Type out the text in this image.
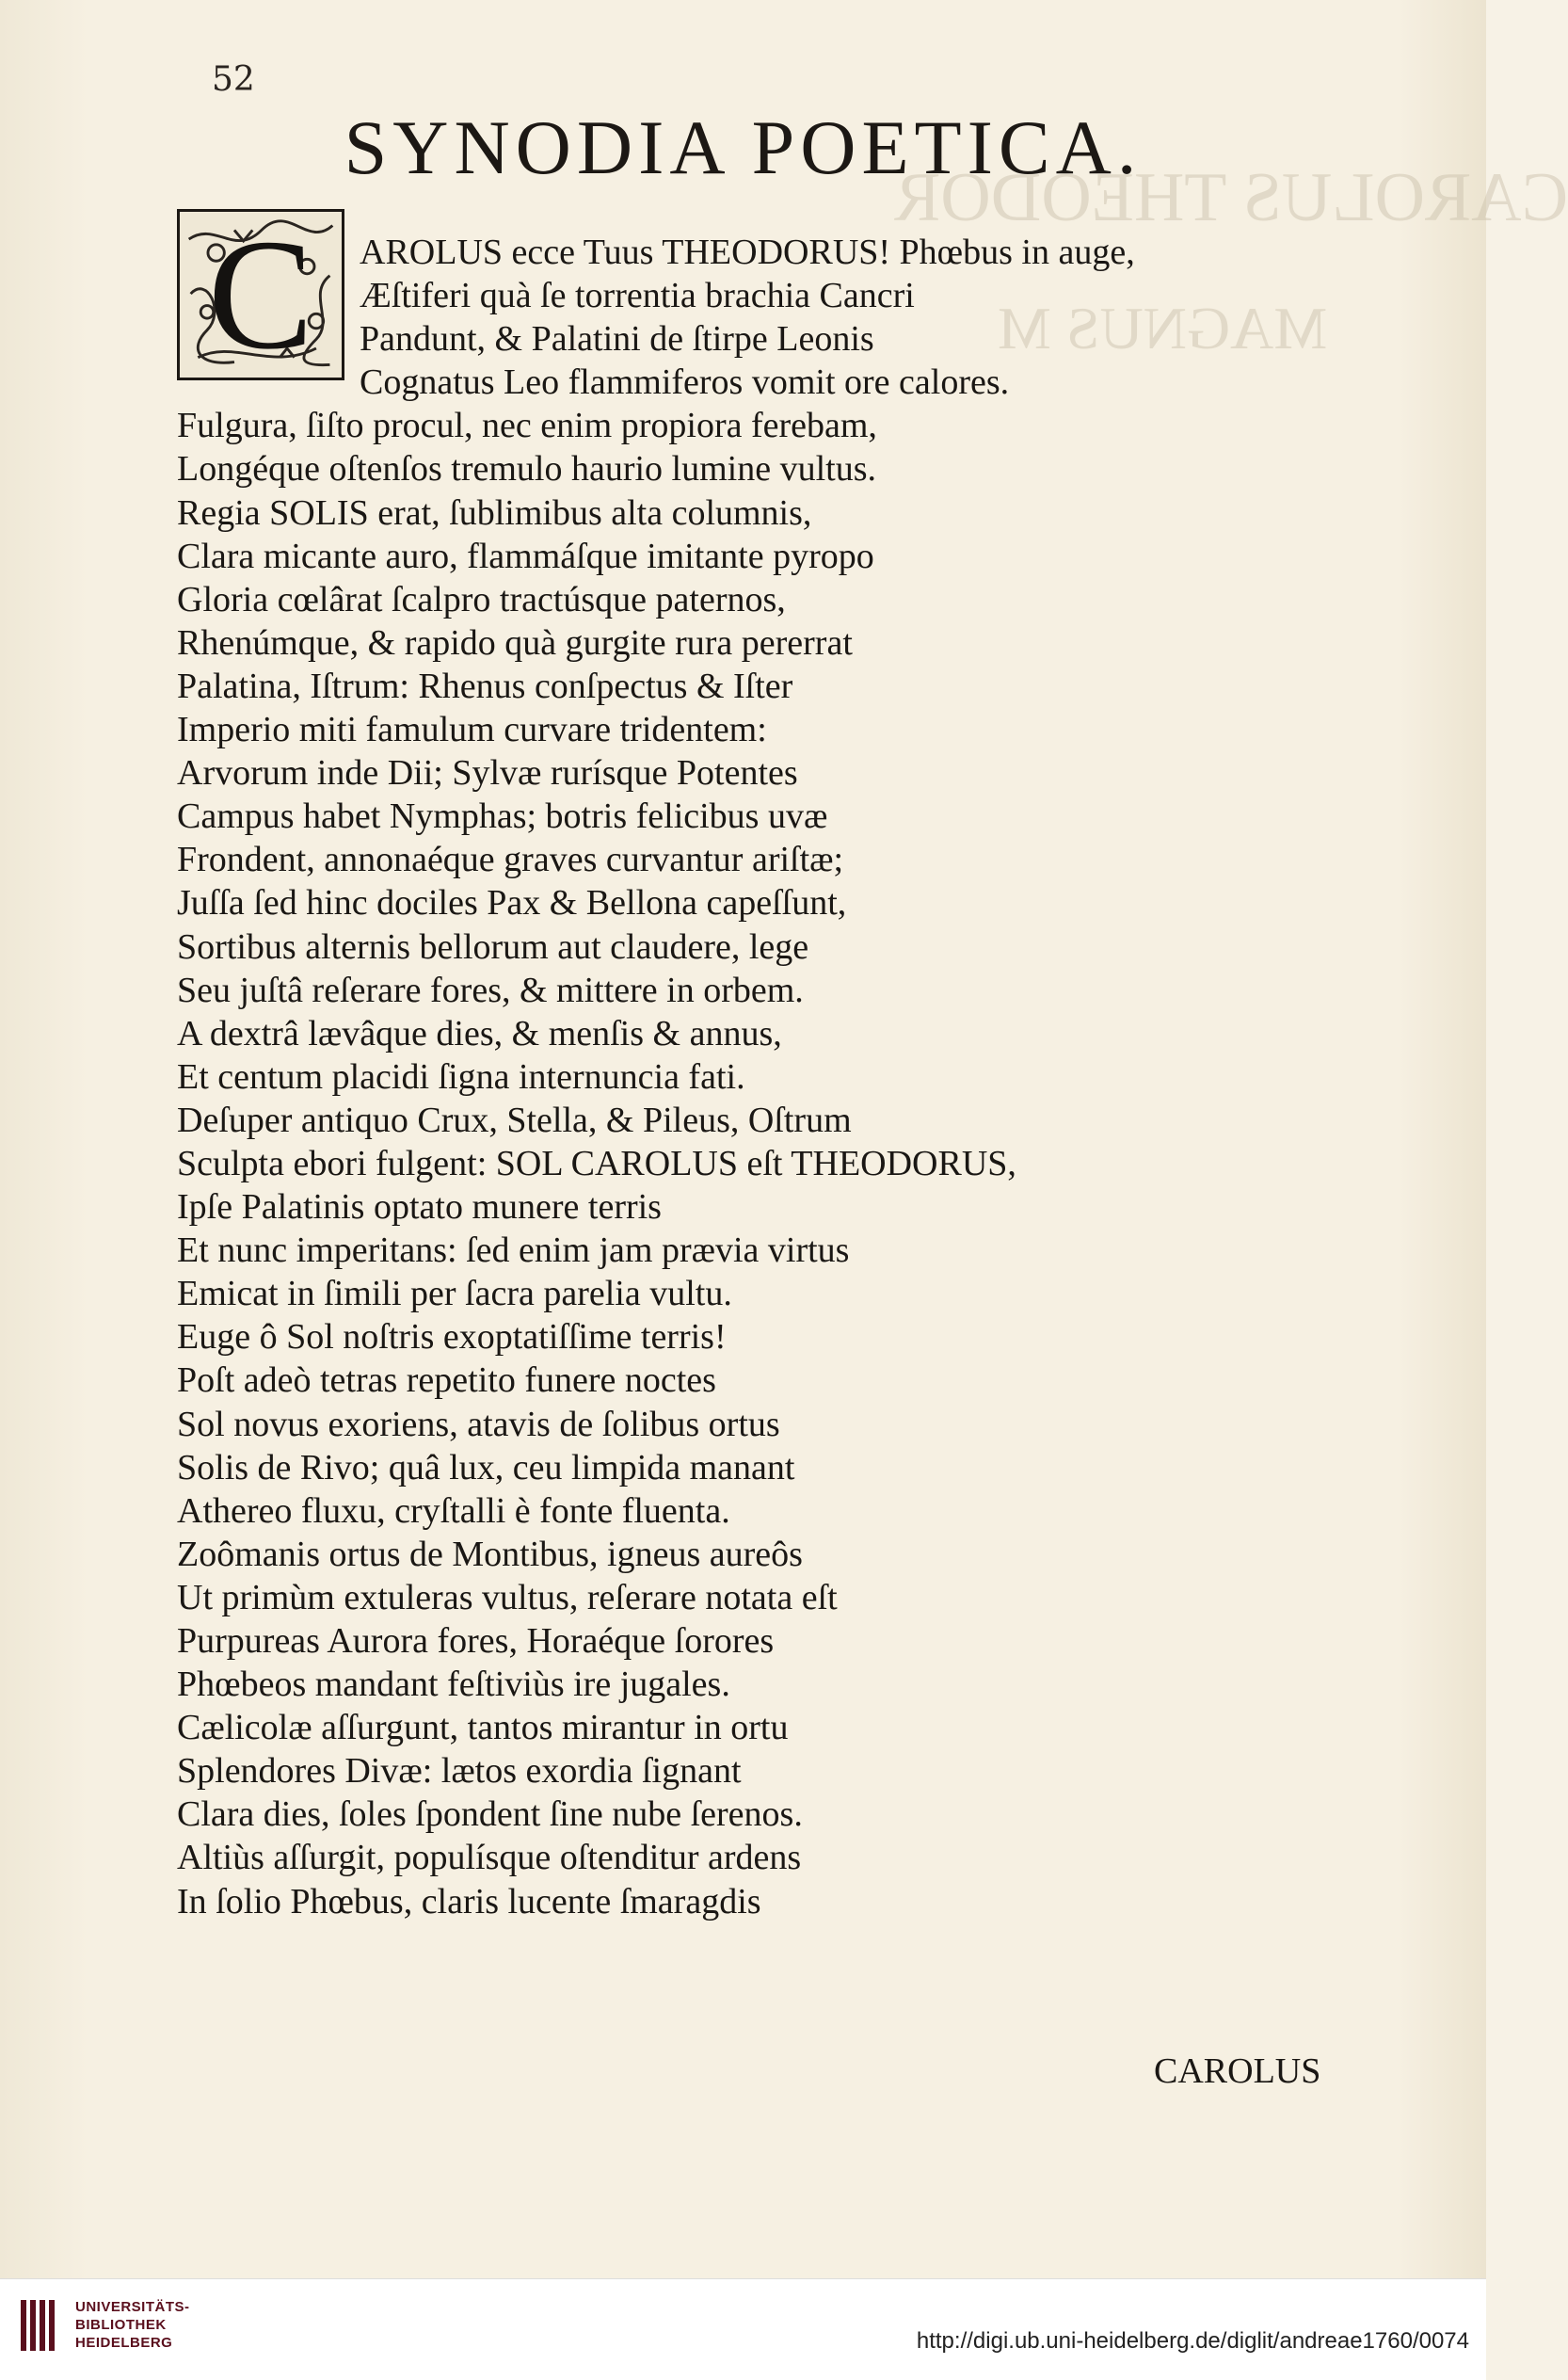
CAROLUS THEODOR
MAGNUS M
52
SYNODIA POETICA.
C	AROLUS ecce Tuus THEODORUS! Phœbus in auge,
Æſtiferi quà ſe torrentia brachia Cancri
Pandunt, & Palatini de ſtirpe Leonis
Cognatus Leo flammiferos vomit ore calores.
Fulgura, ſiſto procul, nec enim propiora ferebam,
Longéque oſtenſos tremulo haurio lumine vultus.
Regia SOLIS erat, ſublimibus alta columnis,
Clara micante auro, flammáſque imitante pyropo
Gloria cœlârat ſcalpro tractúsque paternos,
Rhenúmque, & rapido quà gurgite rura pererrat
Palatina, Iſtrum: Rhenus conſpectus & Iſter
Imperio miti famulum curvare tridentem:
Arvorum inde Dii; Sylvæ rurísque Potentes
Campus habet Nymphas; botris felicibus uvæ
Frondent, annonaéque graves curvantur ariſtæ;
Juſſa ſed hinc dociles Pax & Bellona capeſſunt,
Sortibus alternis bellorum aut claudere, lege
Seu juſtâ reſerare fores, & mittere in orbem.
A dextrâ lævâque dies, & menſis & annus,
Et centum placidi ſigna internuncia fati.
Deſuper antiquo Crux, Stella, & Pileus, Oſtrum
Sculpta ebori fulgent: SOL CAROLUS eſt THEODORUS,
Ipſe Palatinis optato munere terris
Et nunc imperitans: ſed enim jam prævia virtus
Emicat in ſimili per ſacra parelia vultu.
Euge ô Sol noſtris exoptatiſſime terris!
Poſt adeò tetras repetito funere noctes
Sol novus exoriens, atavis de ſolibus ortus
Solis de Rivo; quâ lux, ceu limpida manant
Athereo fluxu, cryſtalli è fonte fluenta.
Zoômanis ortus de Montibus, igneus aureôs
Ut primùm extuleras vultus, reſerare notata eſt
Purpureas Aurora fores, Horaéque ſorores
Phœbeos mandant feſtiviùs ire jugales.
Cælicolæ aſſurgunt, tantos mirantur in ortu
Splendores Divæ: lætos exordia ſignant
Clara dies, ſoles ſpondent ſine nube ſerenos.
Altiùs aſſurgit, populísque oſtenditur ardens
In ſolio Phœbus, claris lucente ſmaragdis
CAROLUS
UNIVERSITÄTS-
BIBLIOTHEK
HEIDELBERG	http://digi.ub.uni-heidelberg.de/diglit/andreae1760/0074
